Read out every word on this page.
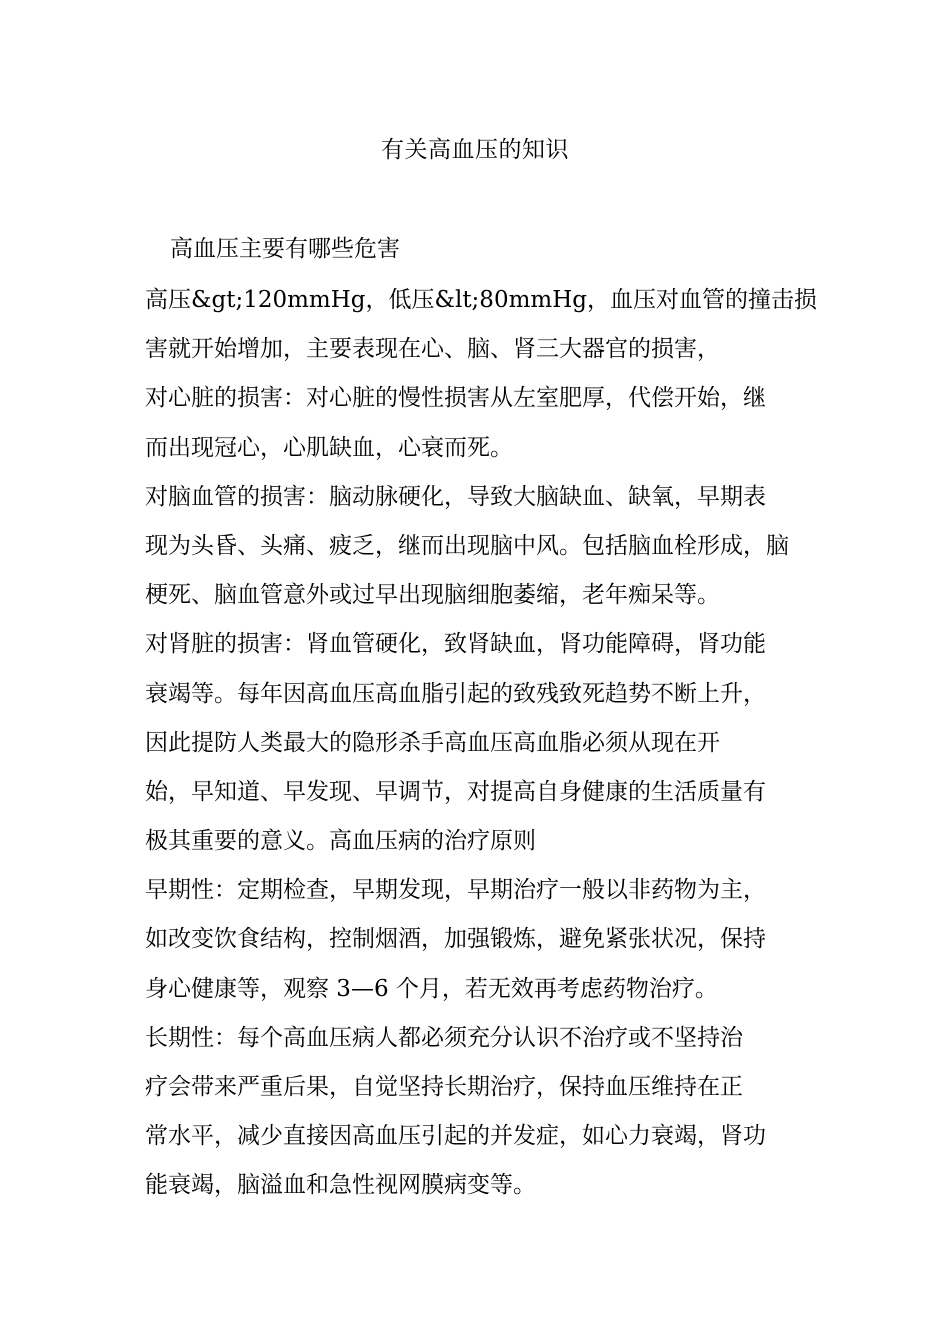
有关高血压的知识
高血压主要有哪些危害
高压&gt;120mmHg，低压&lt;80mmHg，血压对血管的撞击损
害就开始增加，主要表现在心、脑、肾三大器官的损害，
对心脏的损害：对心脏的慢性损害从左室肥厚，代偿开始，继
而出现冠心，心肌缺血，心衰而死。
对脑血管的损害：脑动脉硬化，导致大脑缺血、缺氧，早期表
现为头昏、头痛、疲乏，继而出现脑中风。包括脑血栓形成，脑
梗死、脑血管意外或过早出现脑细胞萎缩，老年痴呆等。
对肾脏的损害：肾血管硬化，致肾缺血，肾功能障碍，肾功能
衰竭等。每年因高血压高血脂引起的致残致死趋势不断上升，
因此提防人类最大的隐形杀手高血压高血脂必须从现在开
始，早知道、早发现、早调节，对提高自身健康的生活质量有
极其重要的意义。高血压病的治疗原则
早期性：定期检查，早期发现，早期治疗一般以非药物为主，
如改变饮食结构，控制烟酒，加强锻炼，避免紧张状况，保持
身心健康等，观察 3—6 个月，若无效再考虑药物治疗。
长期性：每个高血压病人都必须充分认识不治疗或不坚持治
疗会带来严重后果，自觉坚持长期治疗，保持血压维持在正
常水平，减少直接因高血压引起的并发症，如心力衰竭，肾功
能衰竭，脑溢血和急性视网膜病变等。
